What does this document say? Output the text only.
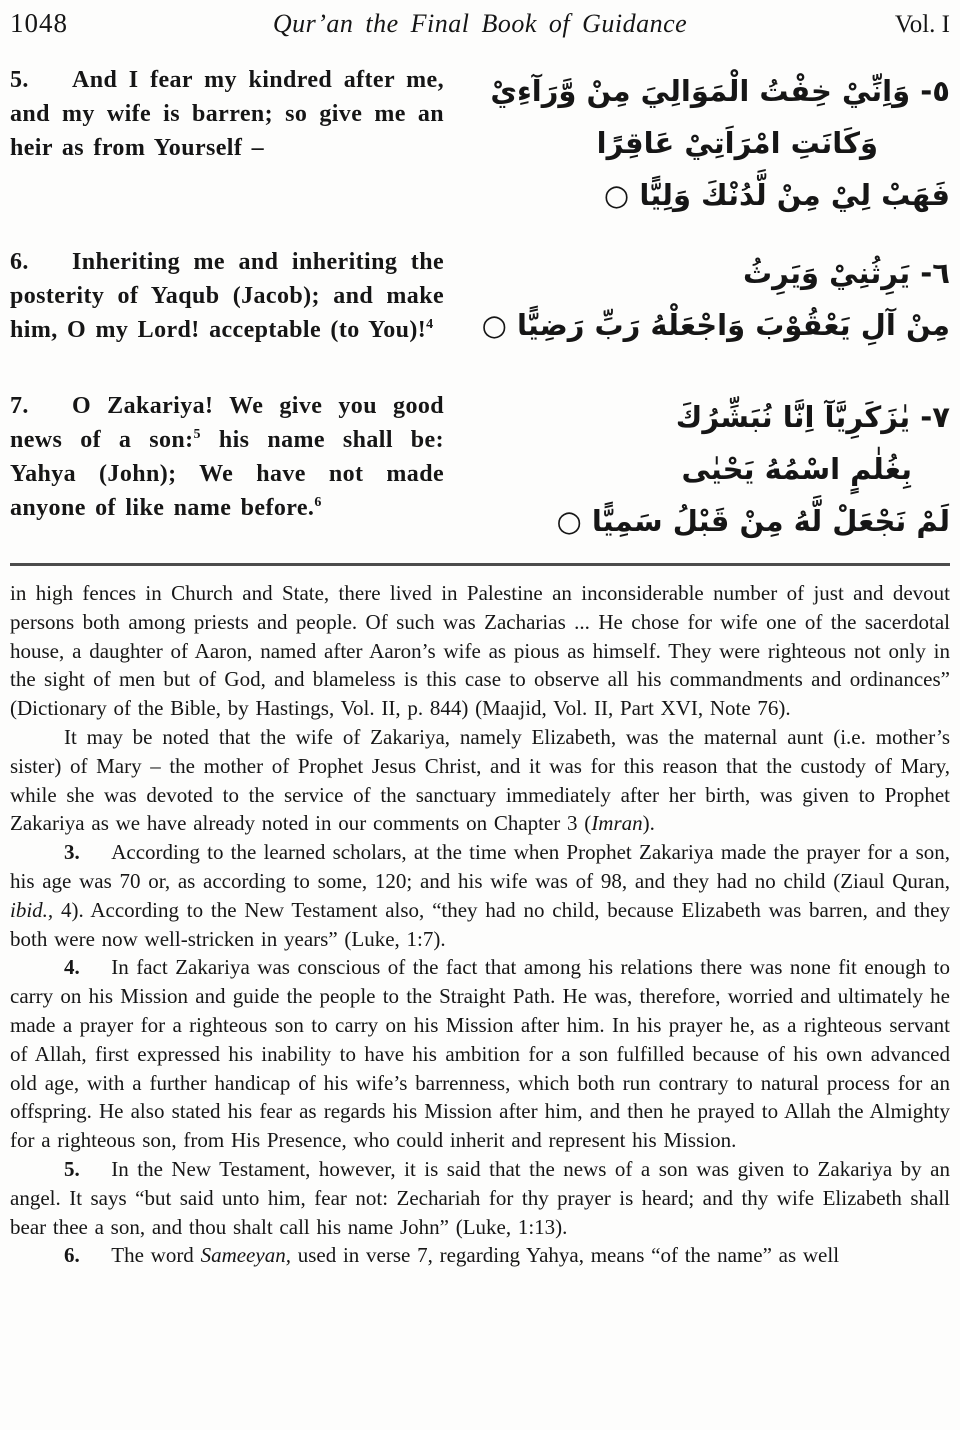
1048	Qur’an the Final Book of Guidance	Vol. I
5. And I fear my kindred after me, and my wife is barren; so give me an heir as from Yourself –
٥- وَاِنِّيْ خِفْتُ الْمَوَالِيَ مِنْ وَّرَآءِيْ
وَكَانَتِ امْرَاَتِيْ عَاقِرًا
فَهَبْ لِيْ مِنْ لَّدُنْكَ وَلِيًّا ○
6. Inheriting me and inheriting the posterity of Yaqub (Jacob); and make him, O my Lord! acceptable (to You)!$^4$
٦- يَرِثُنِيْ وَيَرِثُ
مِنْ آلِ يَعْقُوْبَ وَاجْعَلْهُ رَبِّ رَضِيًّا ○
7. O Zakariya! We give you good news of a son:$^5$ his name shall be: Yahya (John); We have not made anyone of like name before.$^6$
٧- يٰزَكَرِيَّآ اِنَّا نُبَشِّرُكَ
بِغُلٰمٍ اسْمُهُ يَحْيٰى
لَمْ نَجْعَلْ لَّهُ مِنْ قَبْلُ سَمِيًّا ○

in high fences in Church and State, there lived in Palestine an inconsiderable number of just and devout persons both among priests and people. Of such was Zacharias ... He chose for wife one of the sacerdotal house, a daughter of Aaron, named after Aaron’s wife as pious as himself. They were righteous not only in the sight of men but of God, and blameless is this case to observe all his commandments and ordinances” (Dictionary of the Bible, by Hastings, Vol. II, p. 844) (Maajid, Vol. II, Part XVI, Note 76).

It may be noted that the wife of Zakariya, namely Elizabeth, was the maternal aunt (i.e. mother’s sister) of Mary – the mother of Prophet Jesus Christ, and it was for this reason that the custody of Mary, while she was devoted to the service of the sanctuary immediately after her birth, was given to Prophet Zakariya as we have already noted in our comments on Chapter 3 (Imran).

3.  According to the learned scholars, at the time when Prophet Zakariya made the prayer for a son, his age was 70 or, as according to some, 120; and his wife was of 98, and they had no child (Ziaul Quran, ibid., 4). According to the New Testament also, “they had no child, because Elizabeth was barren, and they both were now well-stricken in years” (Luke, 1:7).

4.  In fact Zakariya was conscious of the fact that among his relations there was none fit enough to carry on his Mission and guide the people to the Straight Path. He was, therefore, worried and ultimately he made a prayer for a righteous son to carry on his Mission after him. In his prayer he, as a righteous servant of Allah, first expressed his inability to have his ambition for a son fulfilled because of his own advanced old age, with a further handicap of his wife’s barrenness, which both run contrary to natural process for an offspring. He also stated his fear as regards his Mission after him, and then he prayed to Allah the Almighty for a righteous son, from His Presence, who could inherit and represent his Mission.

5.  In the New Testament, however, it is said that the news of a son was given to Zakariya by an angel. It says “but said unto him, fear not: Zechariah for thy prayer is heard; and thy wife Elizabeth shall bear thee a son, and thou shalt call his name John” (Luke, 1:13).

6.  The word Sameeyan, used in verse 7, regarding Yahya, means “of the name” as well
